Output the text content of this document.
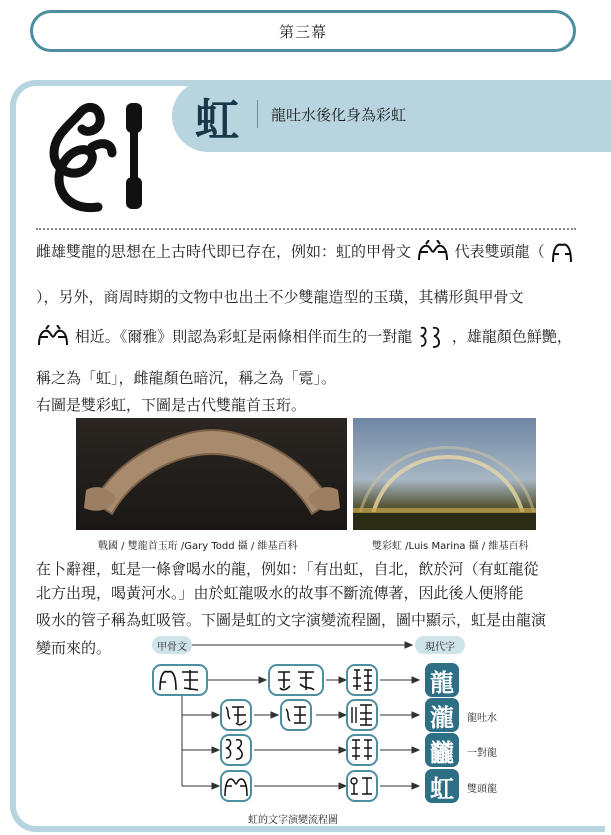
第三幕
虹 龍吐水後化身為彩虹
雌雄雙龍的思想在上古時代即已存在，例如：虹的甲骨文	代表雙頭龍（
），另外，商周時期的文物中也出土不少雙龍造型的玉璜，其構形與甲骨文
相近。《爾雅》則認為彩虹是兩條相伴而生的一對龍	，雄龍顏色鮮艷，
稱之為「虹」，雌龍顏色暗沉，稱之為「霓」。
右圖是雙彩虹，下圖是古代雙龍首玉珩。
戰國 / 雙龍首玉珩 /Gary Todd 攝 / 維基百科	雙彩虹 /Luis Marina 攝 / 維基百科
在卜辭裡，虹是一條會喝水的龍，例如：「有出虹，自北，飲於河（有虹龍從
北方出現，喝黃河水。」由於虹龍吸水的故事不斷流傳著，因此後人便將能
吸水的管子稱為虹吸管。下圖是虹的文字演變流程圖，圖中顯示，虹是由龍演
變而來的。	甲骨文	現代字
龍
瀧	龍吐水
龖	一對龍
虹	雙頭龍
虹的文字演變流程圖
